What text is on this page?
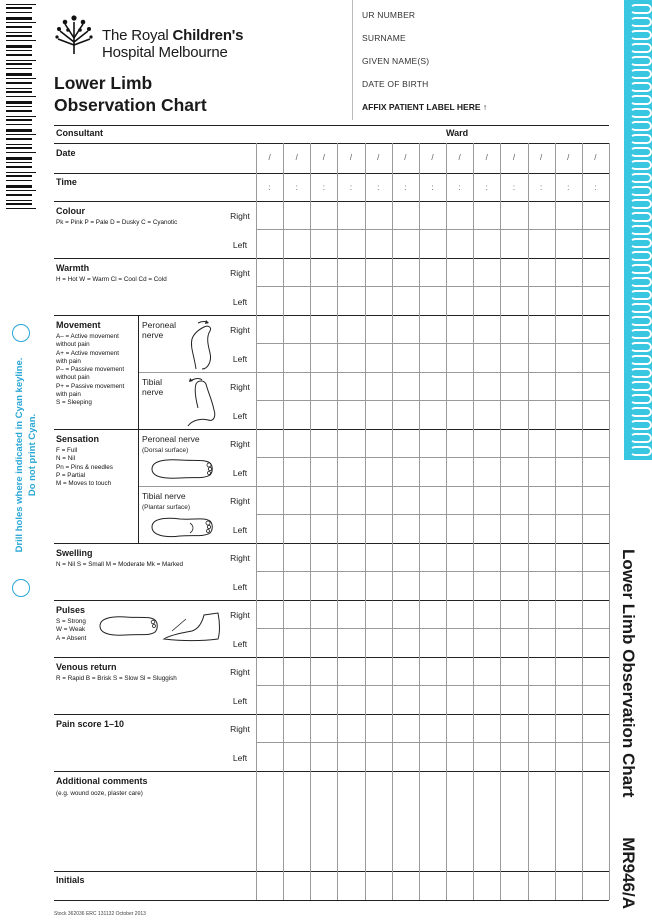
Drill holes where indicated in Cyan keyline. Do not print Cyan.
Lower Limb Observation Chart
MR946/A
The Royal Children's
Hospital Melbourne
Lower Limb
Observation Chart
UR NUMBER
SURNAME
GIVEN NAME(S)
DATE OF BIRTH
AFFIX PATIENT LABEL HERE ↑
Consultant	Ward
Date
Time
Colour
Pk = Pink P = Pale D = Dusky C = Cyanotic
Warmth
H = Hot W = Warm Cl = Cool Cd = Cold
Movement
A– = Active movement
without pain
A+ = Active movement
with pain
P– = Passive movement
without pain
P+ = Passive movement
with pain
S = Sleeping
Peroneal
nerve
Tibial
nerve
Sensation
F = Full
N = Nil
Pn = Pins & needles
P = Partial
M = Moves to touch
Peroneal nerve
(Dorsal surface)
Tibial nerve
(Plantar surface)
Swelling
N = Nil S = Small M = Moderate Mk = Marked
Pulses
S = Strong
W = Weak
A = Absent
Venous return
R = Rapid B = Brisk S = Slow Sl = Sluggish
Pain score 1–10
Additional comments
(e.g. wound ooze, plaster care)
Initials
/
:
/
:
/
:
/
:
/
:
/
:
/
:
/
:
/
:
/
:
/
:
/
:
/
:
Right
Left
Right
Left
Right
Left
Right
Left
Right
Left
Right
Left
Right
Left
Right
Left
Right
Left
Right
Left
Stock 362036 ERC 131132 October 2013
